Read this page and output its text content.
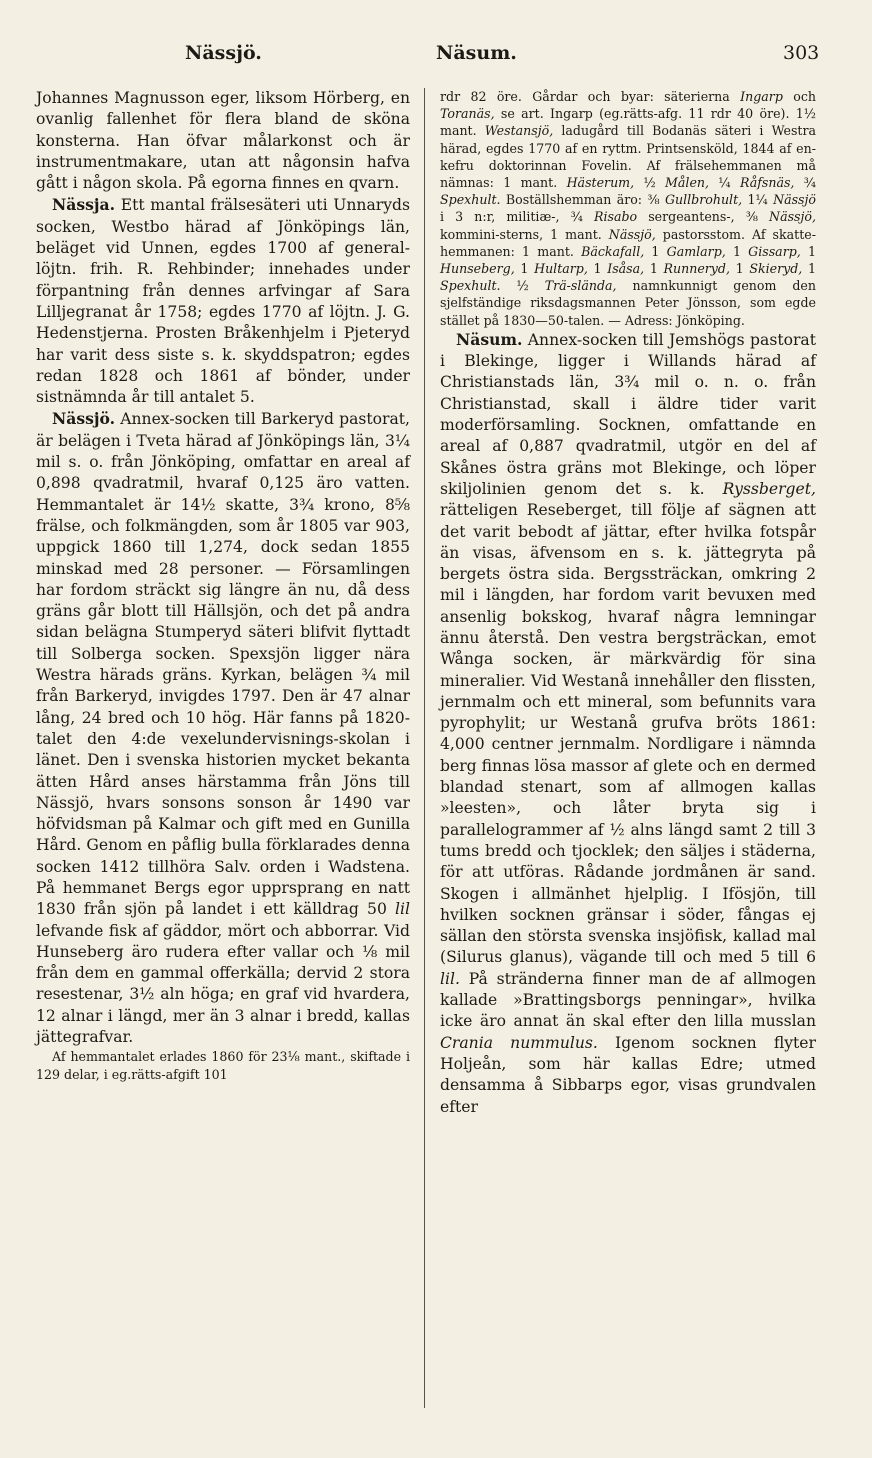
Nässjö.	Näsum.	303

Johannes Magnusson eger, liksom Hörberg, en ovanlig fallenhet för flera bland de sköna konsterna. Han öfvar målarkonst och är instrumentmakare, utan att någonsin hafva gått i någon skola. På egorna finnes en qvarn.

Nässja. Ett mantal frälsesäteri uti Unnaryds socken, Westbo härad af Jönköpings län, beläget vid Unnen, egdes 1700 af general-löjtn. frih. R. Rehbinder; innehades under förpantning från dennes arfvingar af Sara Lilljegranat år 1758; egdes 1770 af löjtn. J. G. Hedenstjerna. Prosten Bråkenhjelm i Pjeteryd har varit dess siste s. k. skyddspatron; egdes redan 1828 och 1861 af bönder, under sistnämnda år till antalet 5.

Nässjö. Annex-socken till Barkeryd pastorat, är belägen i Tveta härad af Jönköpings län, 3¼ mil s. o. från Jönköping, omfattar en areal af 0,898 qvadratmil, hvaraf 0,125 äro vatten. Hemmantalet är 14½ skatte, 3¾ krono, 8⅝ frälse, och folkmängden, som år 1805 var 903, uppgick 1860 till 1,274, dock sedan 1855 minskad med 28 personer. — Församlingen har fordom sträckt sig längre än nu, då dess gräns går blott till Hällsjön, och det på andra sidan belägna Stumperyd säteri blifvit flyttadt till Solberga socken. Spexsjön ligger nära Westra härads gräns. Kyrkan, belägen ¾ mil från Barkeryd, invigdes 1797. Den är 47 alnar lång, 24 bred och 10 hög. Här fanns på 1820-talet den 4:de vexelundervisnings-skolan i länet. Den i svenska historien mycket bekanta ätten Hård anses härstamma från Jöns till Nässjö, hvars sonsons sonson år 1490 var höfvidsman på Kalmar och gift med en Gunilla Hård. Genom en påflig bulla förklarades denna socken 1412 tillhöra Salv. orden i Wadstena. På hemmanet Bergs egor upprsprang en natt 1830 från sjön på landet i ett källdrag 50 lil lefvande fisk af gäddor, mört och abborrar. Vid Hunseberg äro rudera efter vallar och ⅛ mil från dem en gammal offerkälla; dervid 2 stora resestenar, 3½ aln höga; en graf vid hvardera, 12 alnar i längd, mer än 3 alnar i bredd, kallas jättegrafvar.

Af hemmantalet erlades 1860 för 23⅛ mant., skiftade i 129 delar, i eg.rätts-afgift 101

rdr 82 öre. Gårdar och byar: säterierna Ingarp och Toranäs, se art. Ingarp (eg.rätts-afg. 11 rdr 40 öre). 1½ mant. Westansjö, ladugård till Bodanäs säteri i Westra härad, egdes 1770 af en ryttm. Printsensköld, 1844 af en-kefru doktorinnan Fovelin. Af frälsehemmanen må nämnas: 1 mant. Hästerum, ½ Målen, ¼ Råfsnäs, ¾ Spexhult. Boställshemman äro: ⅜ Gullbrohult, 1¼ Nässjö i 3 n:r, militiæ-, ¾ Risabo sergeantens-, ⅜ Nässjö, kommini-sterns, 1 mant. Nässjö, pastorsstom. Af skatte-hemmanen: 1 mant. Bäckafall, 1 Gamlarp, 1 Gissarp, 1 Hunseberg, 1 Hultarp, 1 Isåsa, 1 Runneryd, 1 Skieryd, 1 Spexhult. ½ Trä-slända, namnkunnigt genom den sjelfständige riksdagsmannen Peter Jönsson, som egde stället på 1830—50-talen. — Adress: Jönköping.

Näsum. Annex-socken till Jemshögs pastorat i Blekinge, ligger i Willands härad af Christianstads län, 3¾ mil o. n. o. från Christianstad, skall i äldre tider varit moderförsamling. Socknen, omfattande en areal af 0,887 qvadratmil, utgör en del af Skånes östra gräns mot Blekinge, och löper skiljolinien genom det s. k. Ryssberget, rätteligen Reseberget, till följe af sägnen att det varit bebodt af jättar, efter hvilka fotspår än visas, äfvensom en s. k. jättegryta på bergets östra sida. Bergssträckan, omkring 2 mil i längden, har fordom varit bevuxen med ansenlig bokskog, hvaraf några lemningar ännu återstå. Den vestra bergsträckan, emot Wånga socken, är märkvärdig för sina mineralier. Vid Westanå innehåller den flissten, jernmalm och ett mineral, som befunnits vara pyrophylit; ur Westanå grufva bröts 1861: 4,000 centner jernmalm. Nordligare i nämnda berg finnas lösa massor af glete och en dermed blandad stenart, som af allmogen kallas »leesten», och låter bryta sig i parallelogrammer af ½ alns längd samt 2 till 3 tums bredd och tjocklek; den säljes i städerna, för att utföras. Rådande jordmånen är sand. Skogen i allmänhet hjelplig. I Ifösjön, till hvilken socknen gränsar i söder, fångas ej sällan den största svenska insjöfisk, kallad mal (Silurus glanus), vägande till och med 5 till 6 lil. På stränderna finner man de af allmogen kallade »Brattingsborgs penningar», hvilka icke äro annat än skal efter den lilla musslan Crania nummulus. Igenom socknen flyter Holjeån, som här kallas Edre; utmed densamma å Sibbarps egor, visas grundvalen efter
